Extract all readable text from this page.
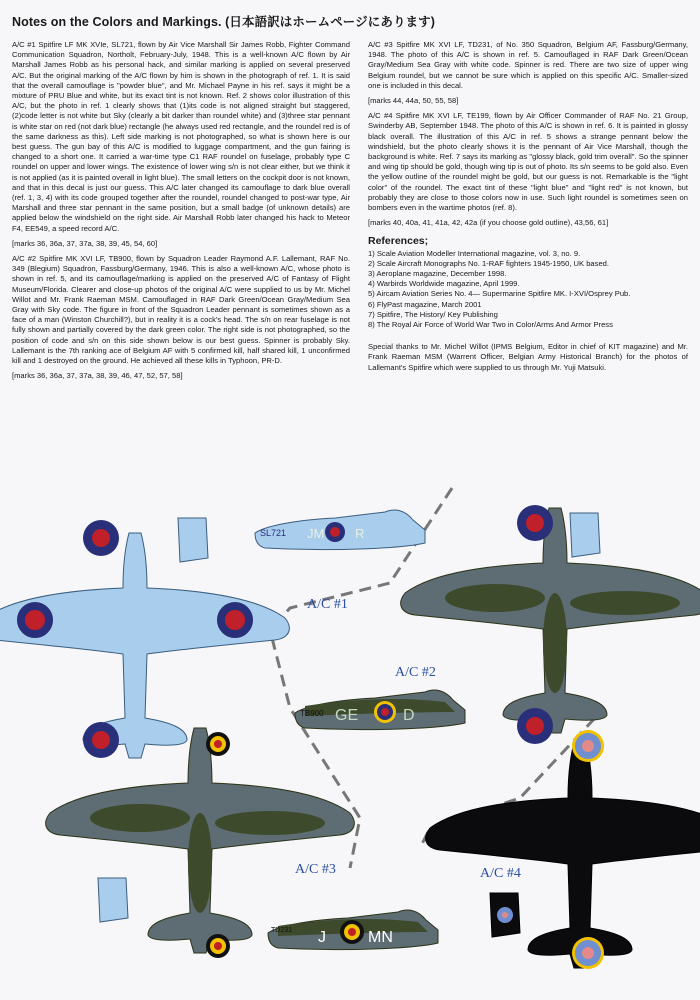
Notes on the Colors and Markings. (日本語訳はホームページにあります)

A/C #1 Spitfire LF MK XVIe, SL721, flown by Air Vice Marshall Sir James Robb, Fighter Command Communication Squadron, Northolt, February-July, 1948. This is a well-known A/C flown by Air Marshall James Robb as his personal hack, and similar marking is applied on several preserved A/C. But the original marking of the A/C flown by him is shown in the photograph of ref. 1. It is said that the overall camouflage is "powder blue", and Mr. Michael Payne in his ref. says it might be a mixture of PRU Blue and white, but its exact tint is not known. Ref. 2 shows color illustration of this A/C, but the photo in ref. 1 clearly shows that (1)its code is not aligned straight but staggered, (2)code letter is not white but Sky (clearly a bit darker than roundel white) and (3)three star pennant is white star on red (not dark blue) rectangle (he always used red rectangle, and the roundel red is of the same darkness as this). Left side marking is not photographed, so what is shown here is our best guess. The gun bay of this A/C is modified to luggage compartment, and the gun fairing is changed to a short one. It carried a war-time type C1 RAF roundel on fuselage, probably type C roundel on upper and lower wings. The existence of lower wing s/n is not clear either, but we think it is not applied (as it is painted overall in light blue). The small letters on the cockpit door is not known, and that in this decal is just our guess. This A/C later changed its camouflage to dark blue overall (ref. 1, 3, 4) with its code grouped together after the roundel, roundel changed to post-war type, Air Marshall and three star pennant in the same position, but a small badge (of unknown details) are applied below the windshield on the right side. Air Marshall Robb later changed his hack to Meteor F4, EE549, a speed record A/C.

[marks 36, 36a, 37, 37a, 38, 39, 45, 54, 60]

A/C #2 Spitfire MK XVI LF, TB900, flown by Squadron Leader Raymond A.F. Lallemant, RAF No. 349 (Blegium) Squadron, Fassburg/Germany, 1946. This is also a well-known A/C, whose photo is shown in ref. 5, and its camouflage/marking is applied on the preserved A/C of Fantasy of Flight Museum/Florida. Clearer and close-up photos of the original A/C were supplied to us by Mr. Michel Willot and Mr. Frank Raeman MSM. Camouflaged in RAF Dark Green/Ocean Gray/Medium Sea Gray with Sky code. The figure in front of the Squadron Leader pennant is sometimes shown as a face of a man (Winston Churchill?), but in reality it is a cock's head. The s/n on rear fuselage is not fully shown and partially covered by the dark green color. The right side is not photographed, so the position of code and s/n on this side shown below is our best guess. Spinner is probably Sky. Lallemant is the 7th ranking ace of Belgium AF with 5 confirmed kill, half shared kill, 1 unconfirmed kill and 1 destroyed on the ground. He achieved all these kills in Typhoon, PR-D.

[marks 36, 36a, 37, 37a, 38, 39, 46, 47, 52, 57, 58]

A/C #3 Spitfire MK XVI LF, TD231, of No. 350 Squadron, Belgium AF, Fassburg/Germany, 1948. The photo of this A/C is shown in ref. 5. Camouflaged in RAF Dark Green/Ocean Gray/Medium Sea Gray with white code. Spinner is red. There are two size of upper wing Belgium roundel, but we cannot be sure which is applied on this specific A/C. Smaller-sized one is included in this decal.

[marks 44, 44a, 50, 55, 58]

A/C #4 Spitfire MK XVI LF, TE199, flown by Air Officer Commander of RAF No. 21 Group, Swinderby AB, September 1948. The photo of this A/C is shown in ref. 6. It is painted in glossy black overall. The illustration of this A/C in ref. 5 shows a strange pennant below the windshield, but the photo clearly shows it is the pennant of Air Vice Marshall, though the background is white. Ref. 7 says its marking as "glossy black, gold trim overall". So the spinner and wing tip should be gold, though wing tip is out of photo. Its s/n seems to be gold also. Even the yellow outline of the roundel might be gold, but our guess is not. Remarkable is the "light color" of the roundel. The exact tint of these "light blue" and "light red" is not known, but probably they are close to those colors now in use. Such light roundel is sometimes seen on bombers even in the wartime photos (ref. 8).

[marks 40, 40a, 41, 41a, 42, 42a (if you choose gold outline), 43,56, 61]

References;
1) Scale Aviation Modeller International magazine, vol. 3, no. 9.
2) Scale Aircraft Monographs No. 1-RAF fighters 1945-1950, UK based.
3) Aeroplane magazine, December 1998.
4) Warbirds Worldwide magazine, April 1999.
5) Aircam Aviation Series No. 4— Supermarine Spitfire MK. I-XVI/Osprey Pub.
6) FlyPast magazine, March 2001
7) Spitfire, The History/ Key Publishing
8) The Royal Air Force of World War Two in Color/Arms And Armor Press

Special thanks to Mr. Michel Willot (IPMS Belgium, Editor in chief of KIT magazine) and Mr. Frank Raeman MSM (Warrent Officer, Belgian Army Historical Branch) for the photos of Lallemant's Spitfire which were supplied to us through Mr. Yuji Matsuki.

SL721 JM R
TB900 GE	D
TD231 J	MN
A/C #1
A/C #2
A/C #3	A/C #4
